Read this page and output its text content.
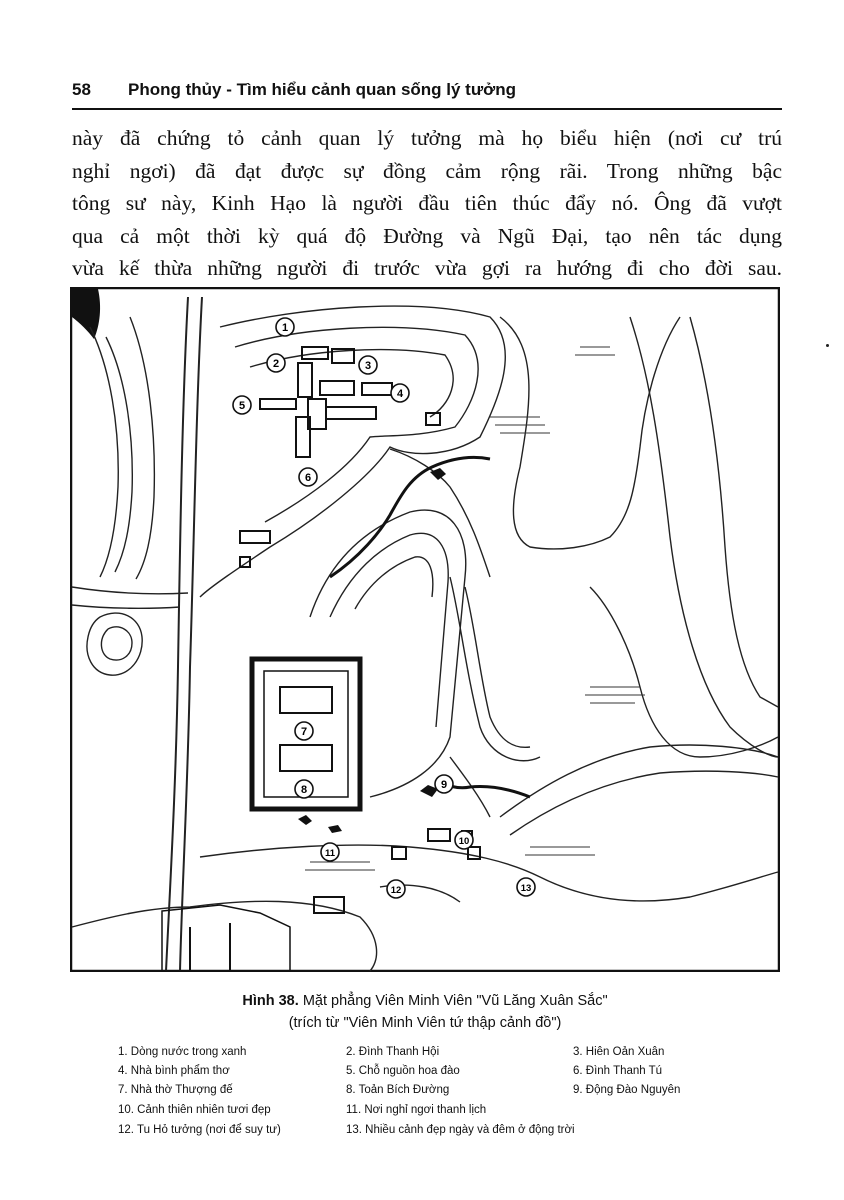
58 Phong thủy - Tìm hiểu cảnh quan sống lý tưởng
này đã chứng tỏ cảnh quan lý tưởng mà họ biểu hiện (nơi cư trú
nghỉ ngơi) đã đạt được sự đồng cảm rộng rãi. Trong những bậc
tông sư này, Kinh Hạo là người đầu tiên thúc đẩy nó. Ông đã vượt
qua cả một thời kỳ quá độ Đường và Ngũ Đại, tạo nên tác dụng
vừa kế thừa những người đi trước vừa gợi ra hướng đi cho đời sau.
1
2	3
4
5
6
7
8	9
10
11
12	13
Hình 38. Mặt phẳng Viên Minh Viên "Vũ Lăng Xuân Sắc"
(trích từ "Viên Minh Viên tứ thập cảnh đồ")
1. Dòng nước trong xanh	2. Đình Thanh Hội	3. Hiên Oản Xuân
4. Nhà bình phẩm thơ	5. Chỗ nguồn hoa đào	6. Đình Thanh Tú
7. Nhà thờ Thượng đế	8. Toản Bích Đường	9. Động Đào Nguyên
10. Cảnh thiên nhiên tươi đẹp	11. Nơi nghỉ ngơi thanh lịch
12. Tu Hỏ tưởng (nơi để suy tư)	13. Nhiều cảnh đẹp ngày và đêm ở động trời
